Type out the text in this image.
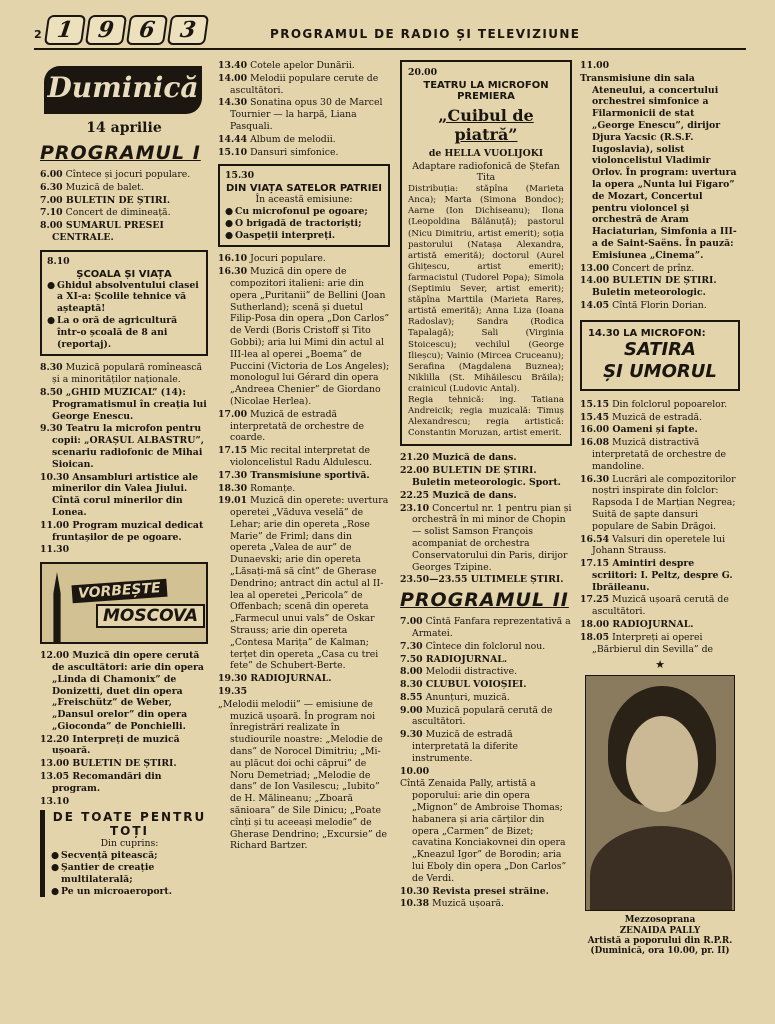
2 1	9	6	3	PROGRAMUL DE RADIO ȘI TELEVIZIUNE
Duminică
14 aprilie
PROGRAMUL I
6.00 Cîntece și jocuri populare.
6.30 Muzică de balet.
7.00 BULETIN DE ȘTIRI.
7.10 Concert de dimineață.
8.00 SUMARUL PRESEI CENTRALE.
8.10
ȘCOALA ȘI VIAȚA
● Ghidul absolventului clasei a XI-a: Școlile tehnice vă așteaptă!
● La o oră de agricultură într-o școală de 8 ani (reportaj).
8.30 Muzică populară romînească și a minorităților naționale.
8.50 „GHID MUZICAL” (14): Programatismul în creația lui George Enescu.
9.30 Teatru la microfon pentru copii: „ORAȘUL ALBASTRU”, scenariu radiofonic de Mihai Sioican.
10.30 Ansambluri artistice ale minerilor din Valea Jiului. Cîntă corul minerilor din Lonea.
11.00 Program muzical dedicat fruntașilor de pe ogoare.
11.30
VORBEȘTE
MOSCOVA
12.00 Muzică din opere cerută de ascultători: arie din opera „Linda di Chamonix” de Donizetti, duet din opera „Freischütz” de Weber, „Dansul orelor” din opera „Gioconda” de Ponchielli.
12.20 Interpreți de muzică ușoară.
13.00 BULETIN DE ȘTIRI.
13.05 Recomandări din program.
13.10
DE TOATE PENTRU TOȚI
Din cuprins:
● Secvență pitească;
● Șantier de creație multilaterală;
● Pe un microaeroport.
13.40 Cotele apelor Dunării.
14.00 Melodii populare cerute de ascultători.
14.30 Sonatina opus 30 de Marcel Tournier — la harpă, Liana Pasquali.
14.44 Album de melodii.
15.10 Dansuri simfonice.
15.30
DIN VIAȚA SATELOR PATRIEI
În această emisiune:
● Cu microfonul pe ogoare;
● O brigadă de tractoriști;
● Oaspeții interpreți.
16.10 Jocuri populare.
16.30 Muzică din opere de compozitori italieni: arie din opera „Puritanii” de Bellini (Joan Sutherland); scenă și duetul Filip-Posa din opera „Don Carlos” de Verdi (Boris Cristoff și Tito Gobbi); aria lui Mimi din actul al III-lea al operei „Boema” de Puccini (Victoria de Los Angeles); monologul lui Gérard din opera „Andreea Chenier” de Giordano (Nicolae Herlea).
17.00 Muzică de estradă interpretată de orchestre de coarde.
17.15 Mic recital interpretat de violoncelistul Radu Aldulescu.
17.30 Transmisiune sportivă.
18.30 Romanțe.
19.01 Muzică din operete: uvertura operetei „Văduva veselă” de Lehar; arie din opereta „Rose Marie” de Friml; dans din opereta „Valea de aur” de Dunaevski; arie din opereta „Lăsați-mă să cînt” de Gherase Dendrino; antract din actul al II-lea al operetei „Pericola” de Offenbach; scenă din opereta „Farmecul unui vals” de Oskar Strauss; arie din opereta „Contesa Marița” de Kalman; terțet din opereta „Casa cu trei fete” de Schubert-Berte.
19.30 RADIOJURNAL.
19.35
„Melodii melodii” — emisiune de muzică ușoară. În program noi înregistrări realizate în studiourile noastre: „Melodie de dans” de Norocel Dimitriu; „Mi-au plăcut doi ochi căprui” de Noru Demetriad; „Melodie de dans” de Ion Vasilescu; „Iubito” de H. Mălineanu; „Zboară sănioara” de Sile Dinicu; „Poate cînți și tu aceeași melodie” de Gherase Dendrino; „Excursie” de Richard Bartzer.
20.00
TEATRU LA MICROFON
PREMIERA
„Cuibul de piatră”
de HELLA VUOLIJOKI
Adaptare radiofonică de Ștefan Tita
Distribuția: stăpîna (Marieta Anca); Marta (Simona Bondoc); Aarne (Ion Dichiseanu); Ilona (Leopoldina Bălănuță); pastorul (Nicu Dimitriu, artist emerit); soția pastorului (Natașa Alexandra, artistă emerită); doctorul (Aurel Ghițescu, artist emerit); farmacistul (Tudorel Popa); Simola (Septimiu Sever, artist emerit); stăpîna Marttila (Marieta Rareș, artistă emerită); Anna Liza (Ioana Radoslav); Sandra (Rodica Tapalagă); Sali (Virginia Stoicescu); vechilul (George Ilieșcu); Vainio (Mircea Cruceanu); Serafina (Magdalena Buznea); Niklilla (St. Mihăilescu Brăila); crainicul (Ludovic Antal).
Regia tehnică: ing. Tatiana Andreicik; regia muzicală: Timuș Alexandrescu; regia artistică: Constantin Moruzan, artist emerit.
21.20 Muzică de dans.
22.00 BULETIN DE ȘTIRI. Buletin meteorologic. Sport.
22.25 Muzică de dans.
23.10 Concertul nr. 1 pentru pian și orchestră în mi minor de Chopin — solist Samson François acompaniat de orchestra Conservatorului din Paris, dirijor Georges Tzipine.
23.50—23.55 ULTIMELE ȘTIRI.
PROGRAMUL II
7.00 Cîntă Fanfara reprezentativă a Armatei.
7.30 Cîntece din folclorul nou.
7.50 RADIOJURNAL.
8.00 Melodii distractive.
8.30 CLUBUL VOIOȘIEI.
8.55 Anunțuri, muzică.
9.00 Muzică populară cerută de ascultători.
9.30 Muzică de estradă interpretată la diferite instrumente.
10.00
Cîntă Zenaida Pally, artistă a poporului: arie din opera „Mignon” de Ambroise Thomas; habanera și aria cărților din opera „Carmen” de Bizet; cavatina Konciakovnei din opera „Kneazul Igor” de Borodin; aria lui Eboly din opera „Don Carlos” de Verdi.
10.30 Revista presei străine.
10.38 Muzică ușoară.
11.00
Transmisiune din sala Ateneului, a concertului orchestrei simfonice a Filarmonicii de stat „George Enescu”, dirijor Djura Yacsic (R.S.F. Iugoslavia), solist violoncelistul Vladimir Orlov. În program: uvertura la opera „Nunta lui Figaro” de Mozart, Concertul pentru violoncel și orchestră de Aram Haciaturian, Simfonia a III-a de Saint-Saëns. În pauză: Emisiunea „Cinema”.
13.00 Concert de prînz.
14.00 BULETIN DE ȘTIRI. Buletin meteorologic.
14.05 Cîntă Florin Dorian.
14.30 LA MICROFON:
SATIRA
ȘI UMORUL
15.15 Din folclorul popoarelor.
15.45 Muzică de estradă.
16.00 Oameni și fapte.
16.08 Muzică distractivă interpretată de orchestre de mandoline.
16.30 Lucrări ale compozitorilor noștri inspirate din folclor: Rapsoda I de Marțian Negrea; Suită de șapte dansuri populare de Sabin Drăgoi.
16.54 Valsuri din operetele lui Johann Strauss.
17.15 Amintiri despre scriitori: I. Peltz, despre G. Ibrăileanu.
17.25 Muzică ușoară cerută de ascultători.
18.00 RADIOJURNAL.
18.05 Interpreți ai operei „Bărbierul din Sevilla” de
★
Mezzosoprana
ZENAIDA PALLY
Artistă a poporului din R.P.R.
(Duminică, ora 10.00, pr. II)
